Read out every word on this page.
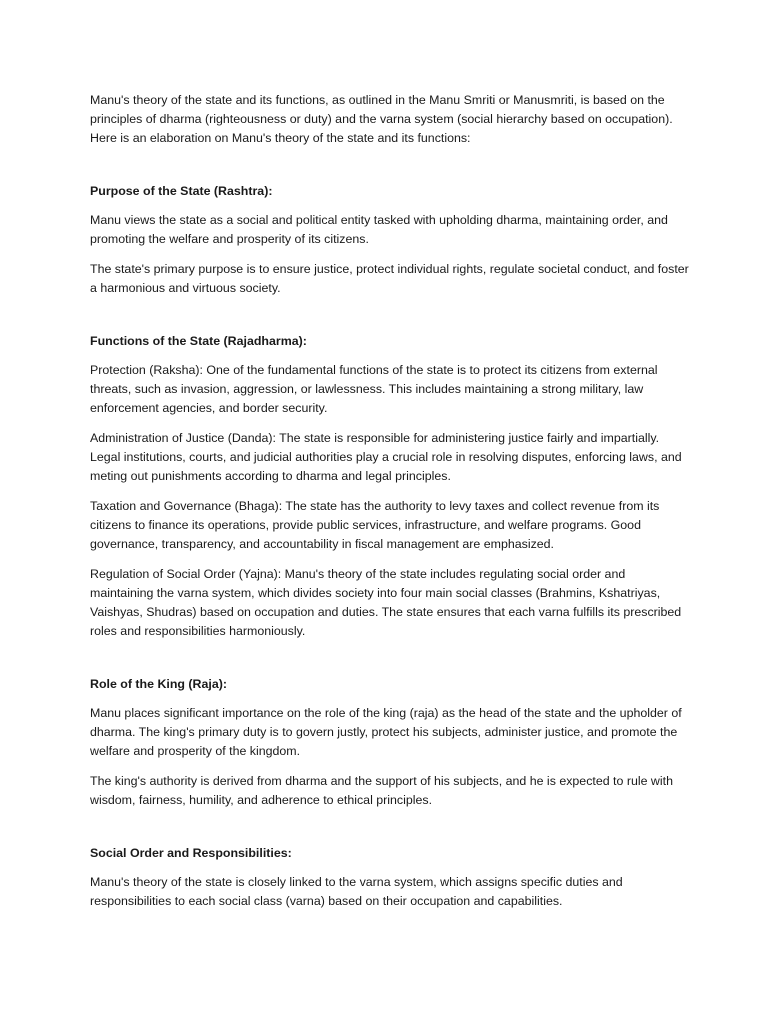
Manu's theory of the state and its functions, as outlined in the Manu Smriti or Manusmriti, is based on the principles of dharma (righteousness or duty) and the varna system (social hierarchy based on occupation). Here is an elaboration on Manu's theory of the state and its functions:

Purpose of the State (Rashtra):

Manu views the state as a social and political entity tasked with upholding dharma, maintaining order, and promoting the welfare and prosperity of its citizens.

The state's primary purpose is to ensure justice, protect individual rights, regulate societal conduct, and foster a harmonious and virtuous society.

Functions of the State (Rajadharma):

Protection (Raksha): One of the fundamental functions of the state is to protect its citizens from external threats, such as invasion, aggression, or lawlessness. This includes maintaining a strong military, law enforcement agencies, and border security.

Administration of Justice (Danda): The state is responsible for administering justice fairly and impartially. Legal institutions, courts, and judicial authorities play a crucial role in resolving disputes, enforcing laws, and meting out punishments according to dharma and legal principles.

Taxation and Governance (Bhaga): The state has the authority to levy taxes and collect revenue from its citizens to finance its operations, provide public services, infrastructure, and welfare programs. Good governance, transparency, and accountability in fiscal management are emphasized.

Regulation of Social Order (Yajna): Manu's theory of the state includes regulating social order and maintaining the varna system, which divides society into four main social classes (Brahmins, Kshatriyas, Vaishyas, Shudras) based on occupation and duties. The state ensures that each varna fulfills its prescribed roles and responsibilities harmoniously.

Role of the King (Raja):

Manu places significant importance on the role of the king (raja) as the head of the state and the upholder of dharma. The king's primary duty is to govern justly, protect his subjects, administer justice, and promote the welfare and prosperity of the kingdom.

The king's authority is derived from dharma and the support of his subjects, and he is expected to rule with wisdom, fairness, humility, and adherence to ethical principles.

Social Order and Responsibilities:

Manu's theory of the state is closely linked to the varna system, which assigns specific duties and responsibilities to each social class (varna) based on their occupation and capabilities.
